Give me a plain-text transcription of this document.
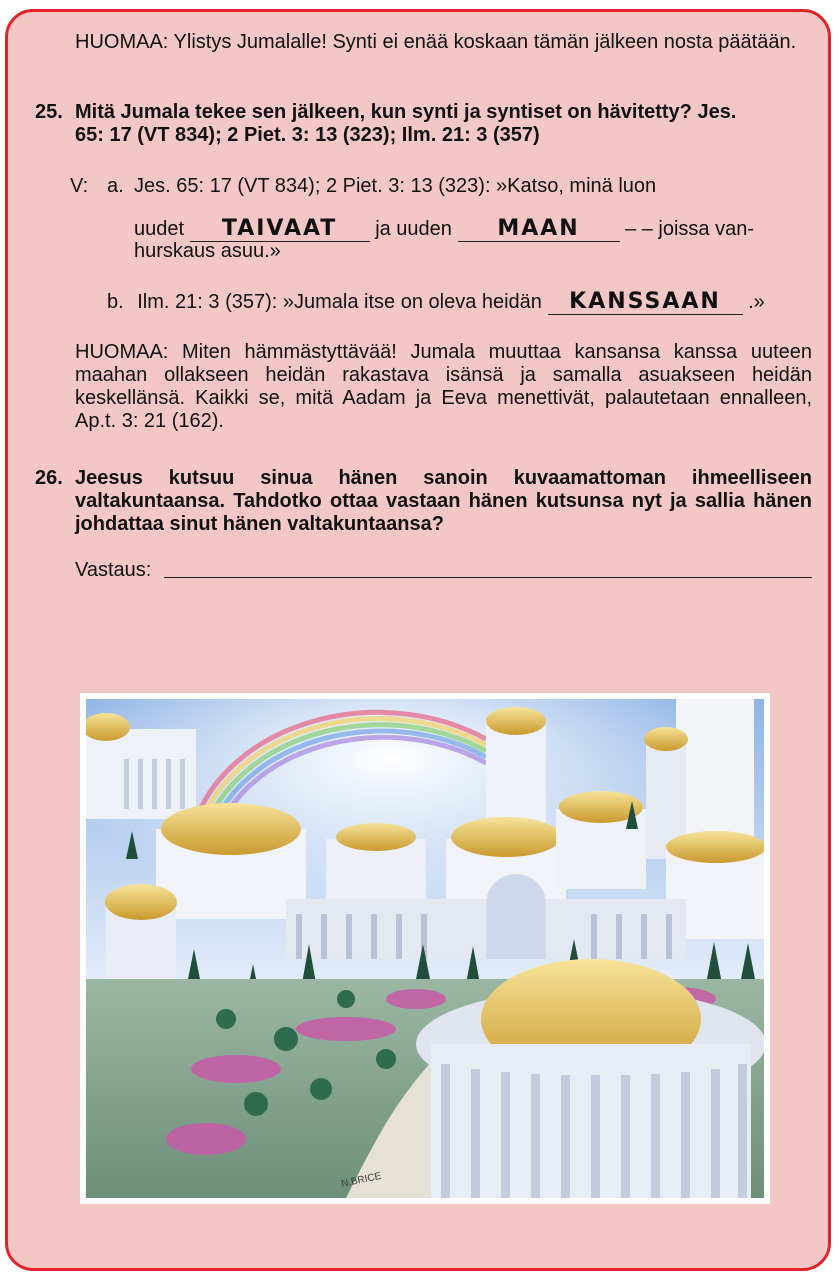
HUOMAA: Ylistys Jumalalle! Synti ei enää koskaan tämän jälkeen nosta päätään.
25. Mitä Jumala tekee sen jälkeen, kun synti ja syntiset on hävitetty? Jes.
65: 17 (VT 834); 2 Piet. 3: 13 (323); Ilm. 21: 3 (357)
V: a. Jes. 65: 17 (VT 834); 2 Piet. 3: 13 (323): »Katso, minä luon
uudet TAIVAAT ja uuden MAAN – – joissa van-
hurskaus asuu.»
b. Ilm. 21: 3 (357): »Jumala itse on oleva heidän KANSSAAN .»
HUOMAA: Miten hämmästyttävää! Jumala muuttaa kansansa kanssa uuteen maahan ollakseen heidän rakastava isänsä ja samalla asuakseen heidän keskellänsä. Kaikki se, mitä Aadam ja Eeva menettivät, palautetaan ennalleen, Ap.t. 3: 21 (162).
26. Jeesus kutsuu sinua hänen sanoin kuvaamattoman ihmeelliseen valtakuntaansa. Tahdotko ottaa vastaan hänen kutsunsa nyt ja sallia hänen johdattaa sinut hänen valtakuntaansa?
Vastaus:
N.BRICE
